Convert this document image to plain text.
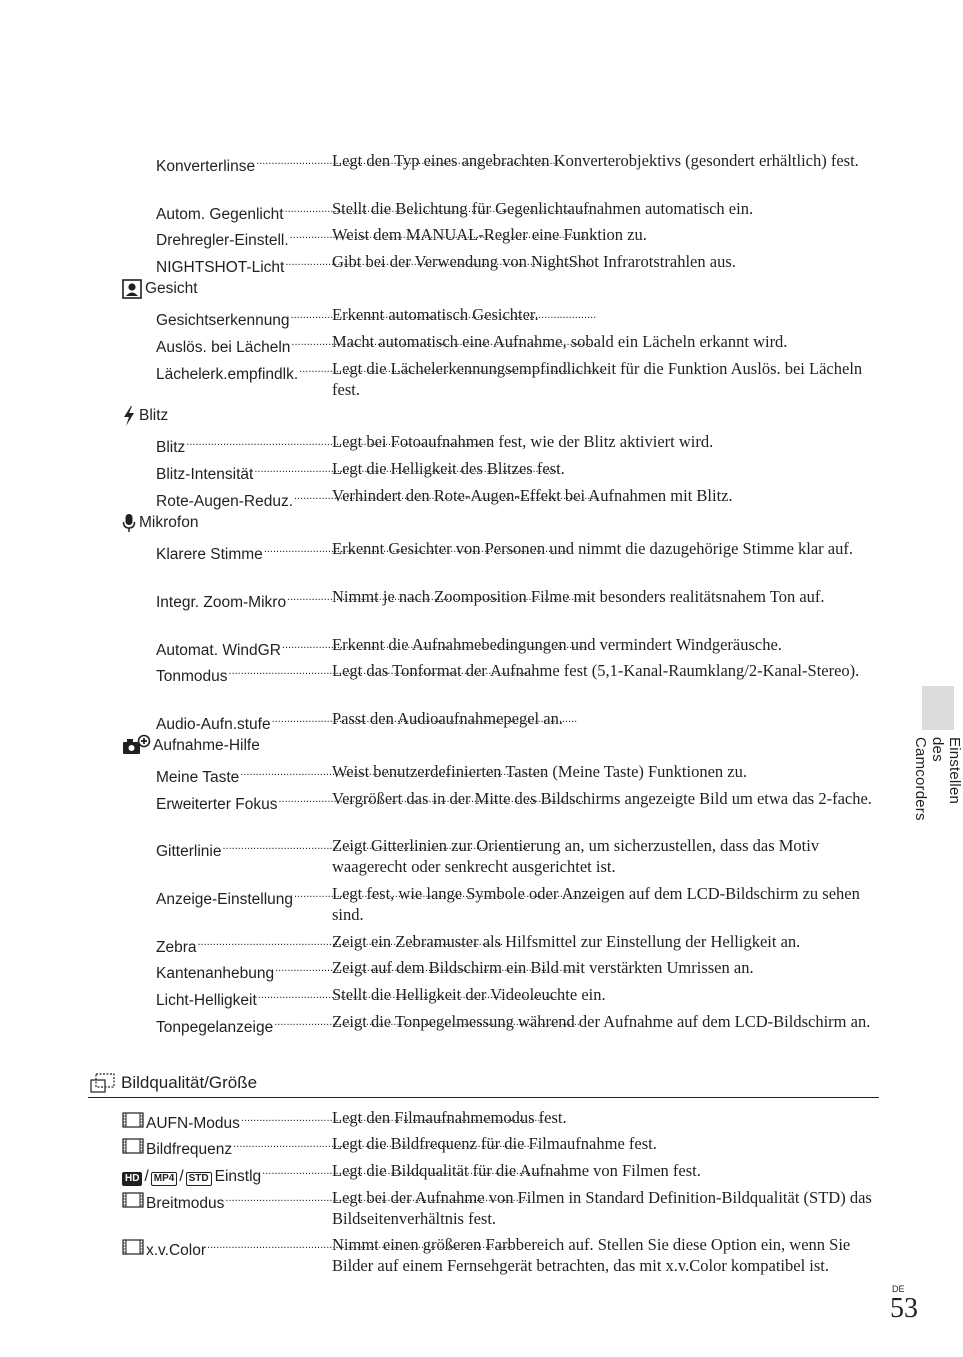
Konverterlinse .....	Legt den Typ eines angebrachten Konverterobjektivs (gesondert erhältlich) fest.
Autom. Gegenlicht .....	Stellt die Belichtung für Gegenlichtaufnahmen automatisch ein.
Drehregler-Einstell. .....	Weist dem MANUAL-Regler eine Funktion zu.
NIGHTSHOT-Licht .....	Gibt bei der Verwendung von NightShot Infrarotstrahlen aus.
Gesicht
Gesichtserkennung .....	Erkennt automatisch Gesichter.
Auslös. bei Lächeln .....	Macht automatisch eine Aufnahme, sobald ein Lächeln erkannt wird.
Lächelerk.empfindlk. ..... Legt die Lächelerkennungsempfindlichkeit für die Funktion Auslös. bei Lächeln fest.
Blitz
Blitz .....	Legt bei Fotoaufnahmen fest, wie der Blitz aktiviert wird.
Blitz-Intensität .....	Legt die Helligkeit des Blitzes fest.
Rote-Augen-Reduz. ..... Verhindert den Rote-Augen-Effekt bei Aufnahmen mit Blitz.
Mikrofon
Klarere Stimme .....	Erkennt Gesichter von Personen und nimmt die dazugehörige Stimme klar auf.
Integr. Zoom-Mikro .....	Nimmt je nach Zoomposition Filme mit besonders realitätsnahem Ton auf.
Automat. WindGR .....	Erkennt die Aufnahmebedingungen und vermindert Windgeräusche.
Tonmodus .....	Legt das Tonformat der Aufnahme fest (5,1-Kanal-Raumklang/2-Kanal-Stereo).
Audio-Aufn.stufe .....	Passt den Audioaufnahmepegel an.
Aufnahme-Hilfe
Meine Taste .....	Weist benutzerdefinierten Tasten (Meine Taste) Funktionen zu.
Erweiterter Fokus .....	Vergrößert das in der Mitte des Bildschirms angezeigte Bild um etwa das 2-fache.
Gitterlinie .....	Zeigt Gitterlinien zur Orientierung an, um sicherzustellen, dass das Motiv waagerecht oder senkrecht ausgerichtet ist.
Anzeige-Einstellung ..... Legt fest, wie lange Symbole oder Anzeigen auf dem LCD-Bildschirm zu sehen sind.
Zebra .....	Zeigt ein Zebramuster als Hilfsmittel zur Einstellung der Helligkeit an.
Kantenanhebung .....	Zeigt auf dem Bildschirm ein Bild mit verstärkten Umrissen an.
Licht-Helligkeit .....	Stellt die Helligkeit der Videoleuchte ein.
Tonpegelanzeige .....	Zeigt die Tonpegelmessung während der Aufnahme auf dem LCD-Bildschirm an.
Bildqualität/Größe
AUFN-Modus .....	Legt den Filmaufnahmemodus fest.
Bildfrequenz .....	Legt die Bildfrequenz für die Filmaufnahme fest.
HD / MP4 / STD Einstlg .....	Legt die Bildqualität für die Aufnahme von Filmen fest.
Breitmodus .....	Legt bei der Aufnahme von Filmen in Standard Definition-Bildqualität (STD) das Bildseitenverhältnis fest.
x.v.Color .....	Nimmt einen größeren Farbbereich auf. Stellen Sie diese Option ein, wenn Sie Bilder auf einem Fernsehgerät betrachten, das mit x.v.Color kompatibel ist.
Einstellen des Camcorders
DE
53
